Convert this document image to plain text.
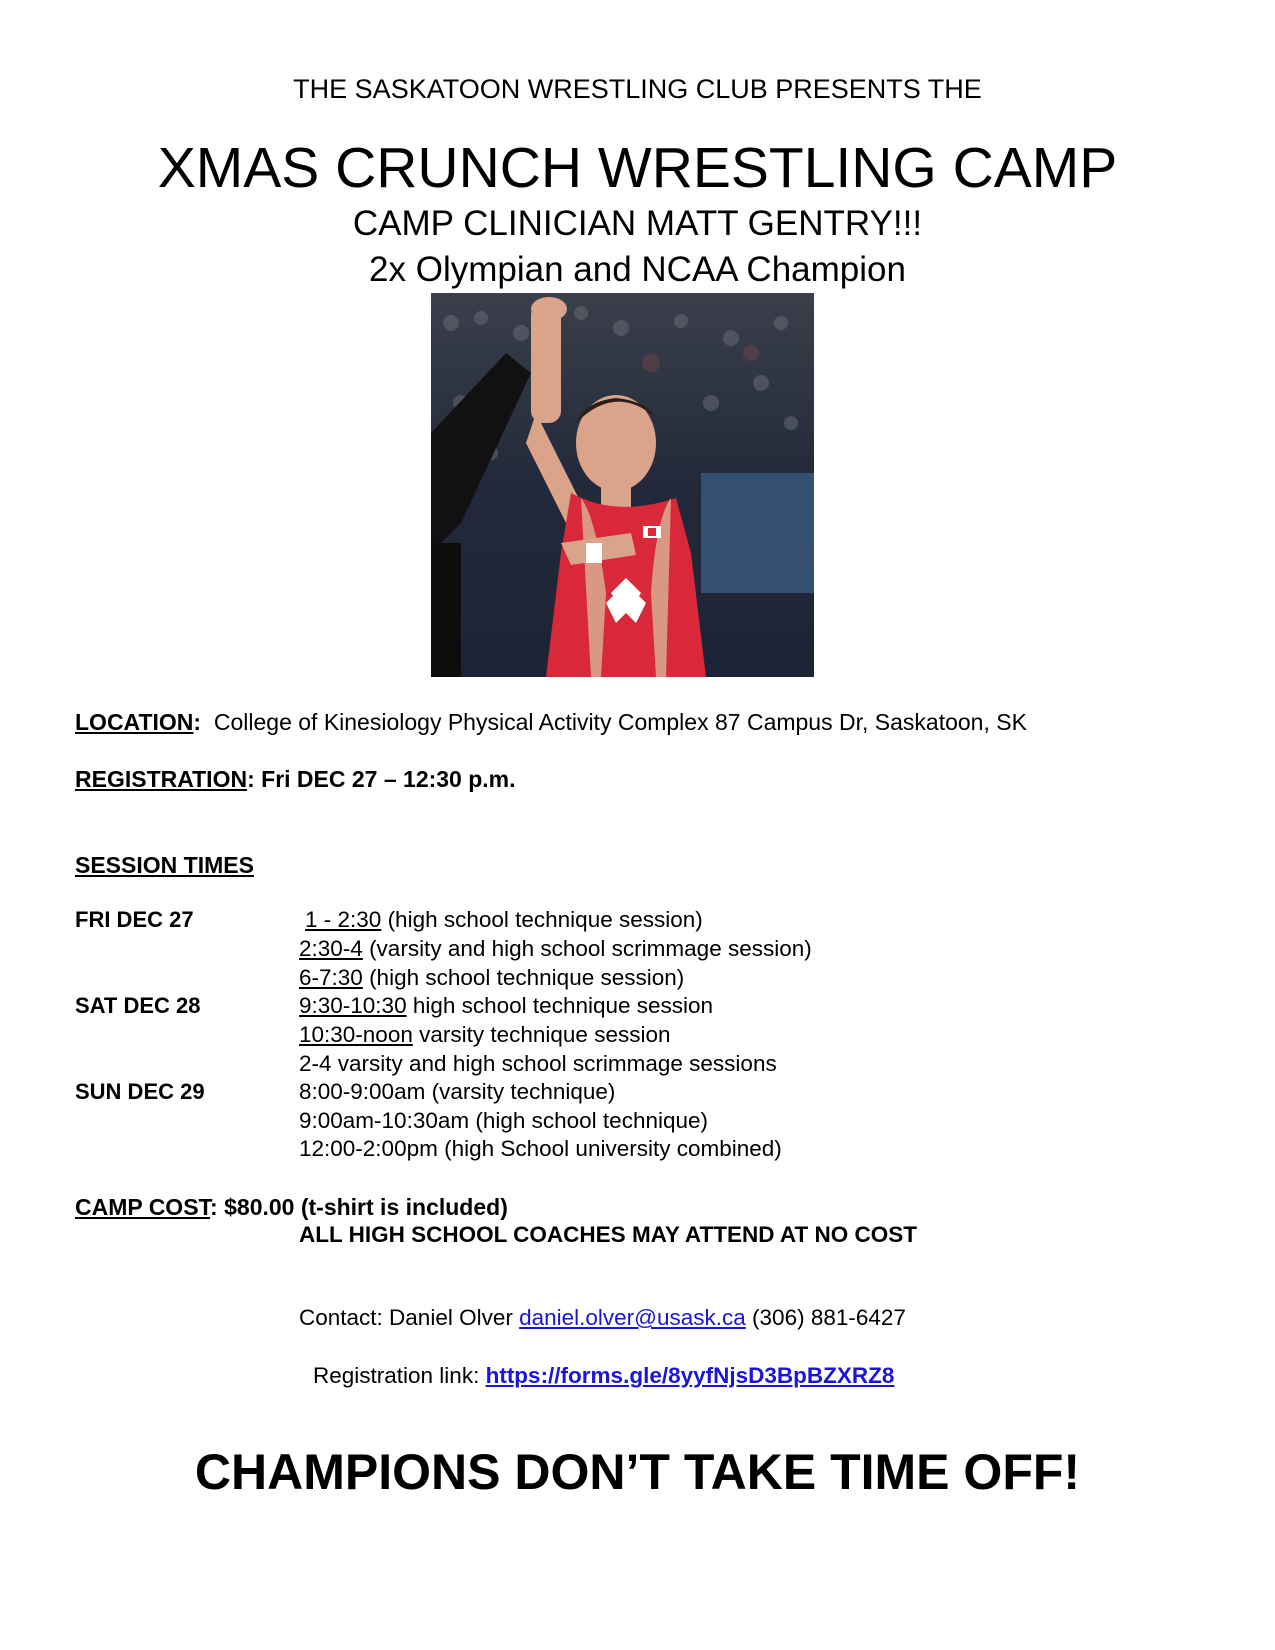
THE SASKATOON WRESTLING CLUB PRESENTS THE
XMAS CRUNCH WRESTLING CAMP
CAMP CLINICIAN MATT GENTRY!!!
2x Olympian and NCAA Champion
LOCATION: College of Kinesiology Physical Activity Complex 87 Campus Dr, Saskatoon, SK
REGISTRATION: Fri DEC 27 – 12:30 p.m.
SESSION TIMES
FRI DEC 27
SAT DEC 28
SUN DEC 29
1 - 2:30 (high school technique session)
2:30-4 (varsity and high school scrimmage session)
6-7:30 (high school technique session)
9:30-10:30 high school technique session
10:30-noon varsity technique session
2-4 varsity and high school scrimmage sessions
8:00-9:00am (varsity technique)
9:00am-10:30am (high school technique)
12:00-2:00pm (high School university combined)
CAMP COST: $80.00 (t-shirt is included)
ALL HIGH SCHOOL COACHES MAY ATTEND AT NO COST
Contact: Daniel Olver daniel.olver@usask.ca (306) 881-6427
Registration link: https://forms.gle/8yyfNjsD3BpBZXRZ8
CHAMPIONS DON’T TAKE TIME OFF!
